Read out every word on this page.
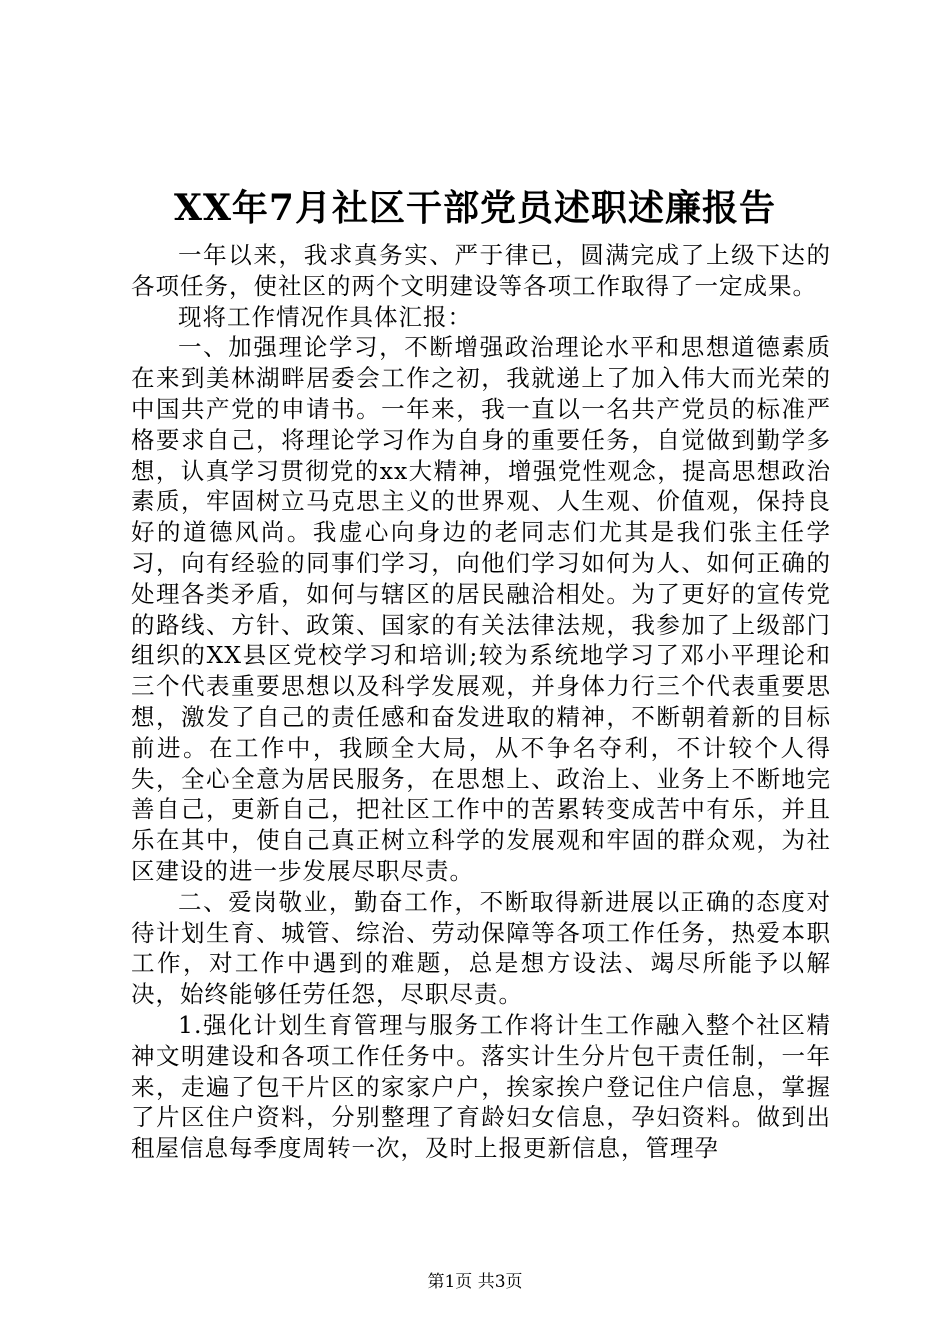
XX年7月社区干部党员述职述廉报告

一年以来，我求真务实、严于律已，圆满完成了上级下达的各项任务，使社区的两个文明建设等各项工作取得了一定成果。

现将工作情况作具体汇报：

一、加强理论学习，不断增强政治理论水平和思想道德素质在来到美林湖畔居委会工作之初，我就递上了加入伟大而光荣的中国共产党的申请书。一年来，我一直以一名共产党员的标准严格要求自己，将理论学习作为自身的重要任务，自觉做到勤学多想，认真学习贯彻党的xx大精神，增强党性观念，提高思想政治素质，牢固树立马克思主义的世界观、人生观、价值观，保持良好的道德风尚。我虚心向身边的老同志们尤其是我们张主任学习，向有经验的同事们学习，向他们学习如何为人、如何正确的处理各类矛盾，如何与辖区的居民融洽相处。为了更好的宣传党的路线、方针、政策、国家的有关法律法规，我参加了上级部门组织的XX县区党校学习和培训;较为系统地学习了邓小平理论和三个代表重要思想以及科学发展观，并身体力行三个代表重要思想，激发了自己的责任感和奋发进取的精神，不断朝着新的目标前进。在工作中，我顾全大局，从不争名夺利，不计较个人得失，全心全意为居民服务，在思想上、政治上、业务上不断地完善自己，更新自己，把社区工作中的苦累转变成苦中有乐，并且乐在其中，使自己真正树立科学的发展观和牢固的群众观，为社区建设的进一步发展尽职尽责。

二、爱岗敬业，勤奋工作，不断取得新进展以正确的态度对待计划生育、城管、综治、劳动保障等各项工作任务，热爱本职工作，对工作中遇到的难题，总是想方设法、竭尽所能予以解决，始终能够任劳任怨，尽职尽责。

1.强化计划生育管理与服务工作将计生工作融入整个社区精神文明建设和各项工作任务中。落实计生分片包干责任制，一年来，走遍了包干片区的家家户户，挨家挨户登记住户信息，掌握了片区住户资料，分别整理了育龄妇女信息，孕妇资料。做到出租屋信息每季度周转一次，及时上报更新信息，管理孕

第1页 共3页
